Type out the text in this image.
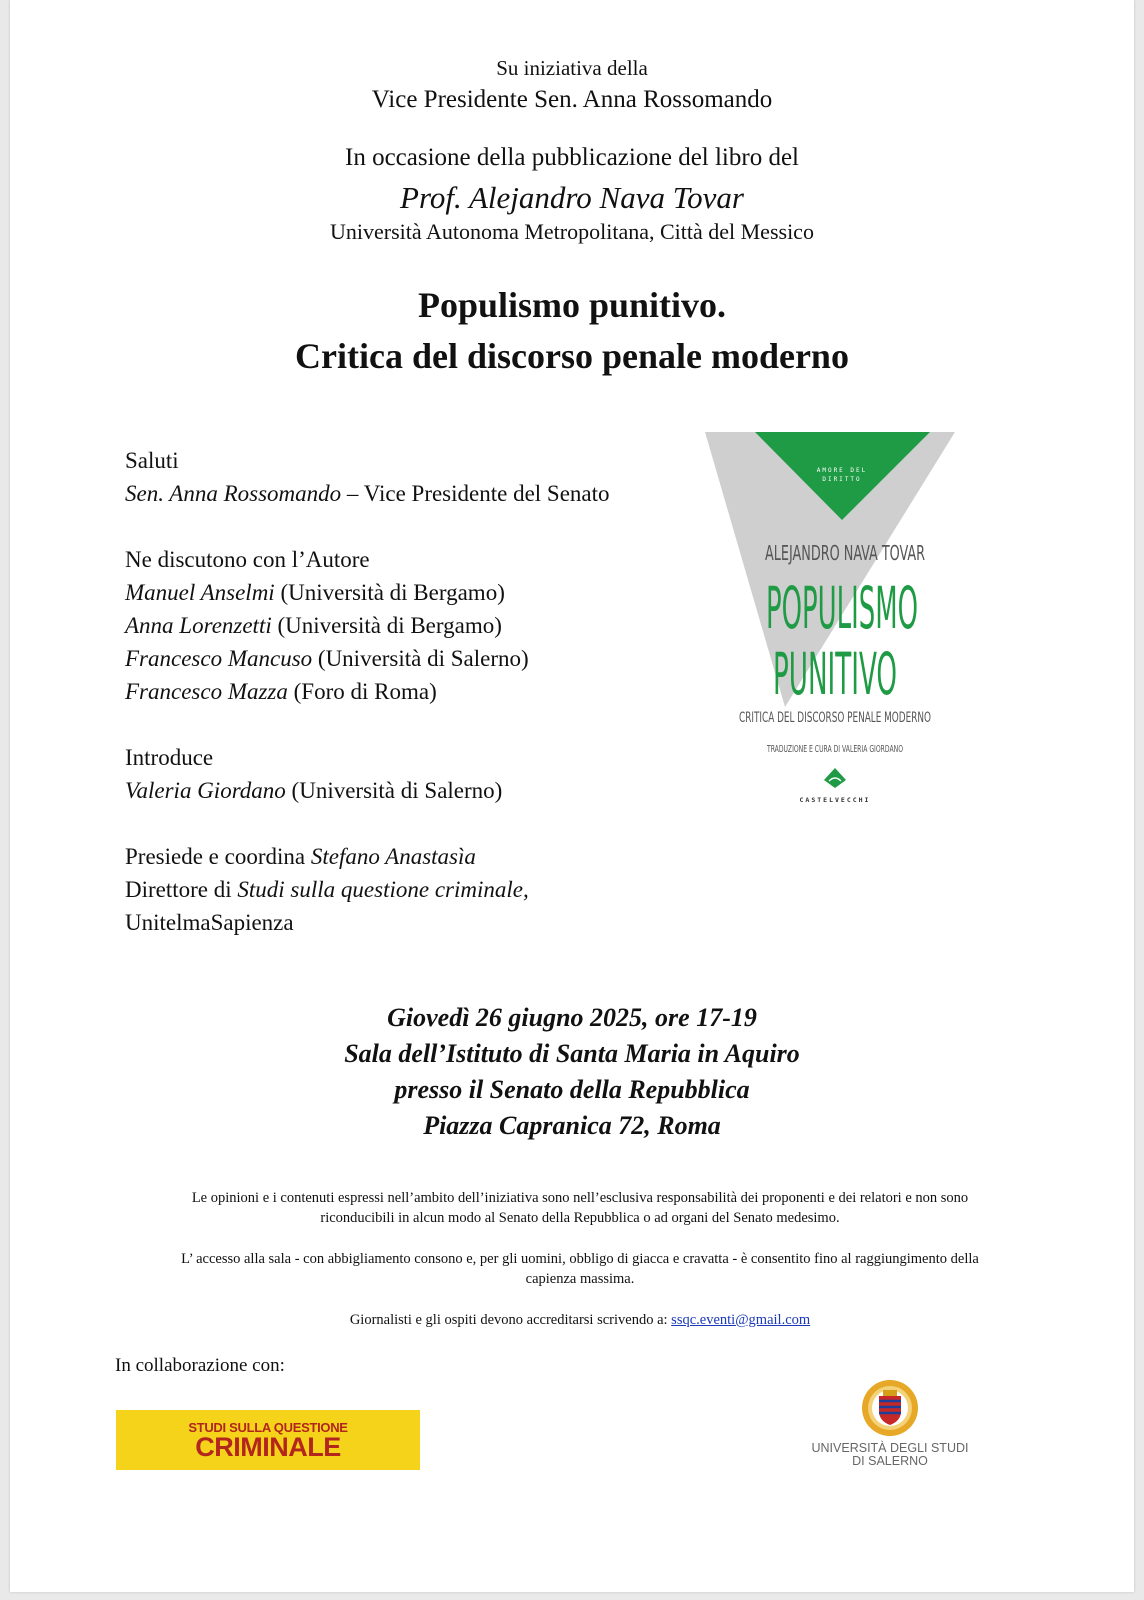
Su iniziativa della
Vice Presidente Sen. Anna Rossomando
In occasione della pubblicazione del libro del
Prof. Alejandro Nava Tovar
Università Autonoma Metropolitana, Città del Messico
Populismo punitivo.
Critica del discorso penale moderno
Saluti
Sen. Anna Rossomando – Vice Presidente del Senato
Ne discutono con l’Autore
Manuel Anselmi (Università di Bergamo)
Anna Lorenzetti (Università di Bergamo)
Francesco Mancuso (Università di Salerno)
Francesco Mazza (Foro di Roma)
Introduce
Valeria Giordano (Università di Salerno)
Presiede e coordina Stefano Anastasìa
Direttore di Studi sulla questione criminale,
UnitelmaSapienza
AMORE DEL
DIRITTO
ALEJANDRO NAVA TOVAR
POPULISMO
PUNITIVO
CRITICA DEL DISCORSO PENALE MODERNO
TRADUZIONE E CURA DI VALERIA GIORDANO
CASTELVECCHI
Giovedì 26 giugno 2025, ore 17-19
Sala dell’Istituto di Santa Maria in Aquiro
presso il Senato della Repubblica
Piazza Capranica 72, Roma
Le opinioni e i contenuti espressi nell’ambito dell’iniziativa sono nell’esclusiva responsabilità dei proponenti e dei relatori e non sono
riconducibili in alcun modo al Senato della Repubblica o ad organi del Senato medesimo.
L’ accesso alla sala - con abbigliamento consono e, per gli uomini, obbligo di giacca e cravatta - è consentito fino al raggiungimento della
capienza massima.
Giornalisti e gli ospiti devono accreditarsi scrivendo a: ssqc.eventi@gmail.com
In collaborazione con:
STUDI SULLA QUESTIONE
CRIMINALE	UNIVERSITÀ DEGLI STUDI
DI SALERNO
